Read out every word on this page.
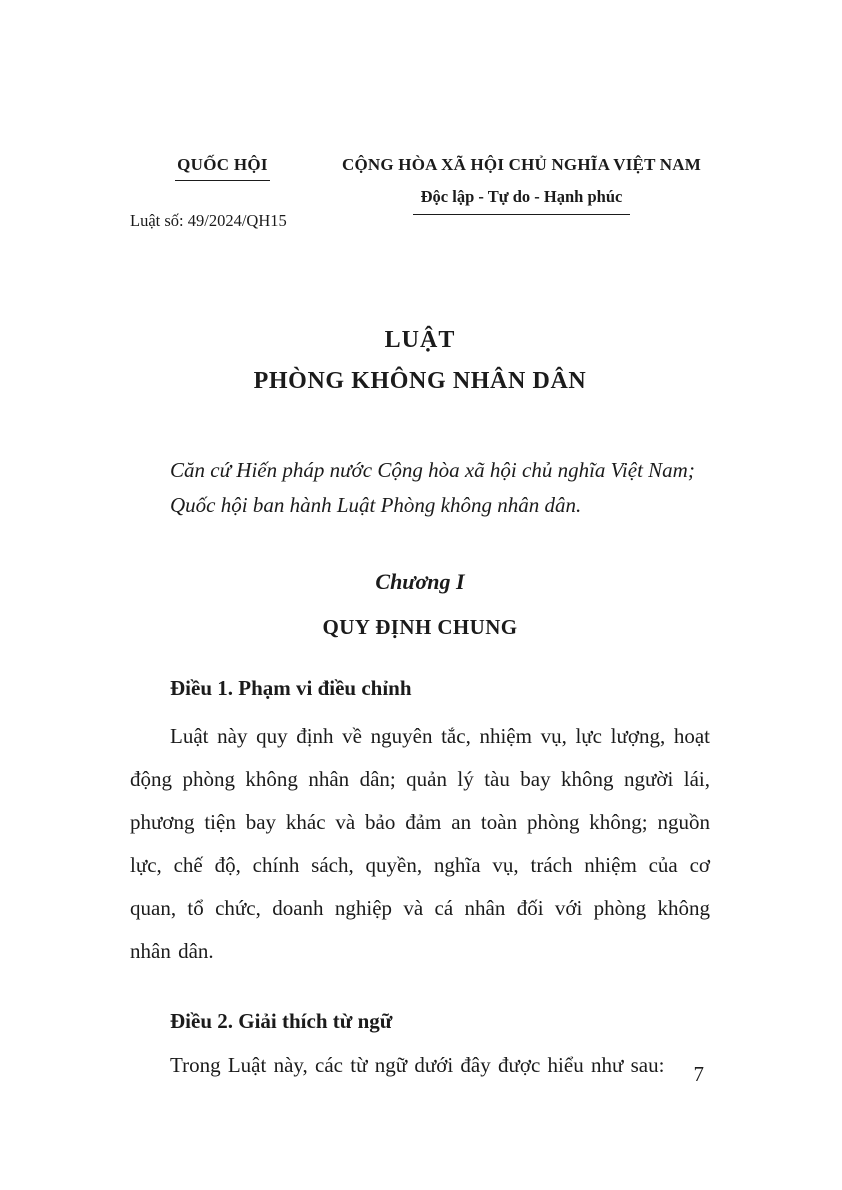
QUỐC HỘI
Luật số: 49/2024/QH15
CỘNG HÒA XÃ HỘI CHỦ NGHĨA VIỆT NAM
Độc lập - Tự do - Hạnh phúc
LUẬT
PHÒNG KHÔNG NHÂN DÂN

Căn cứ Hiến pháp nước Cộng hòa xã hội chủ nghĩa Việt Nam;

Quốc hội ban hành Luật Phòng không nhân dân.

Chương I
QUY ĐỊNH CHUNG
Điều 1. Phạm vi điều chỉnh
Luật này quy định về nguyên tắc, nhiệm vụ, lực lượng, hoạt động phòng không nhân dân; quản lý tàu bay không người lái, phương tiện bay khác và bảo đảm an toàn phòng không; nguồn lực, chế độ, chính sách, quyền, nghĩa vụ, trách nhiệm của cơ quan, tổ chức, doanh nghiệp và cá nhân đối với phòng không nhân dân.
Điều 2. Giải thích từ ngữ
Trong Luật này, các từ ngữ dưới đây được hiểu như sau:	7
